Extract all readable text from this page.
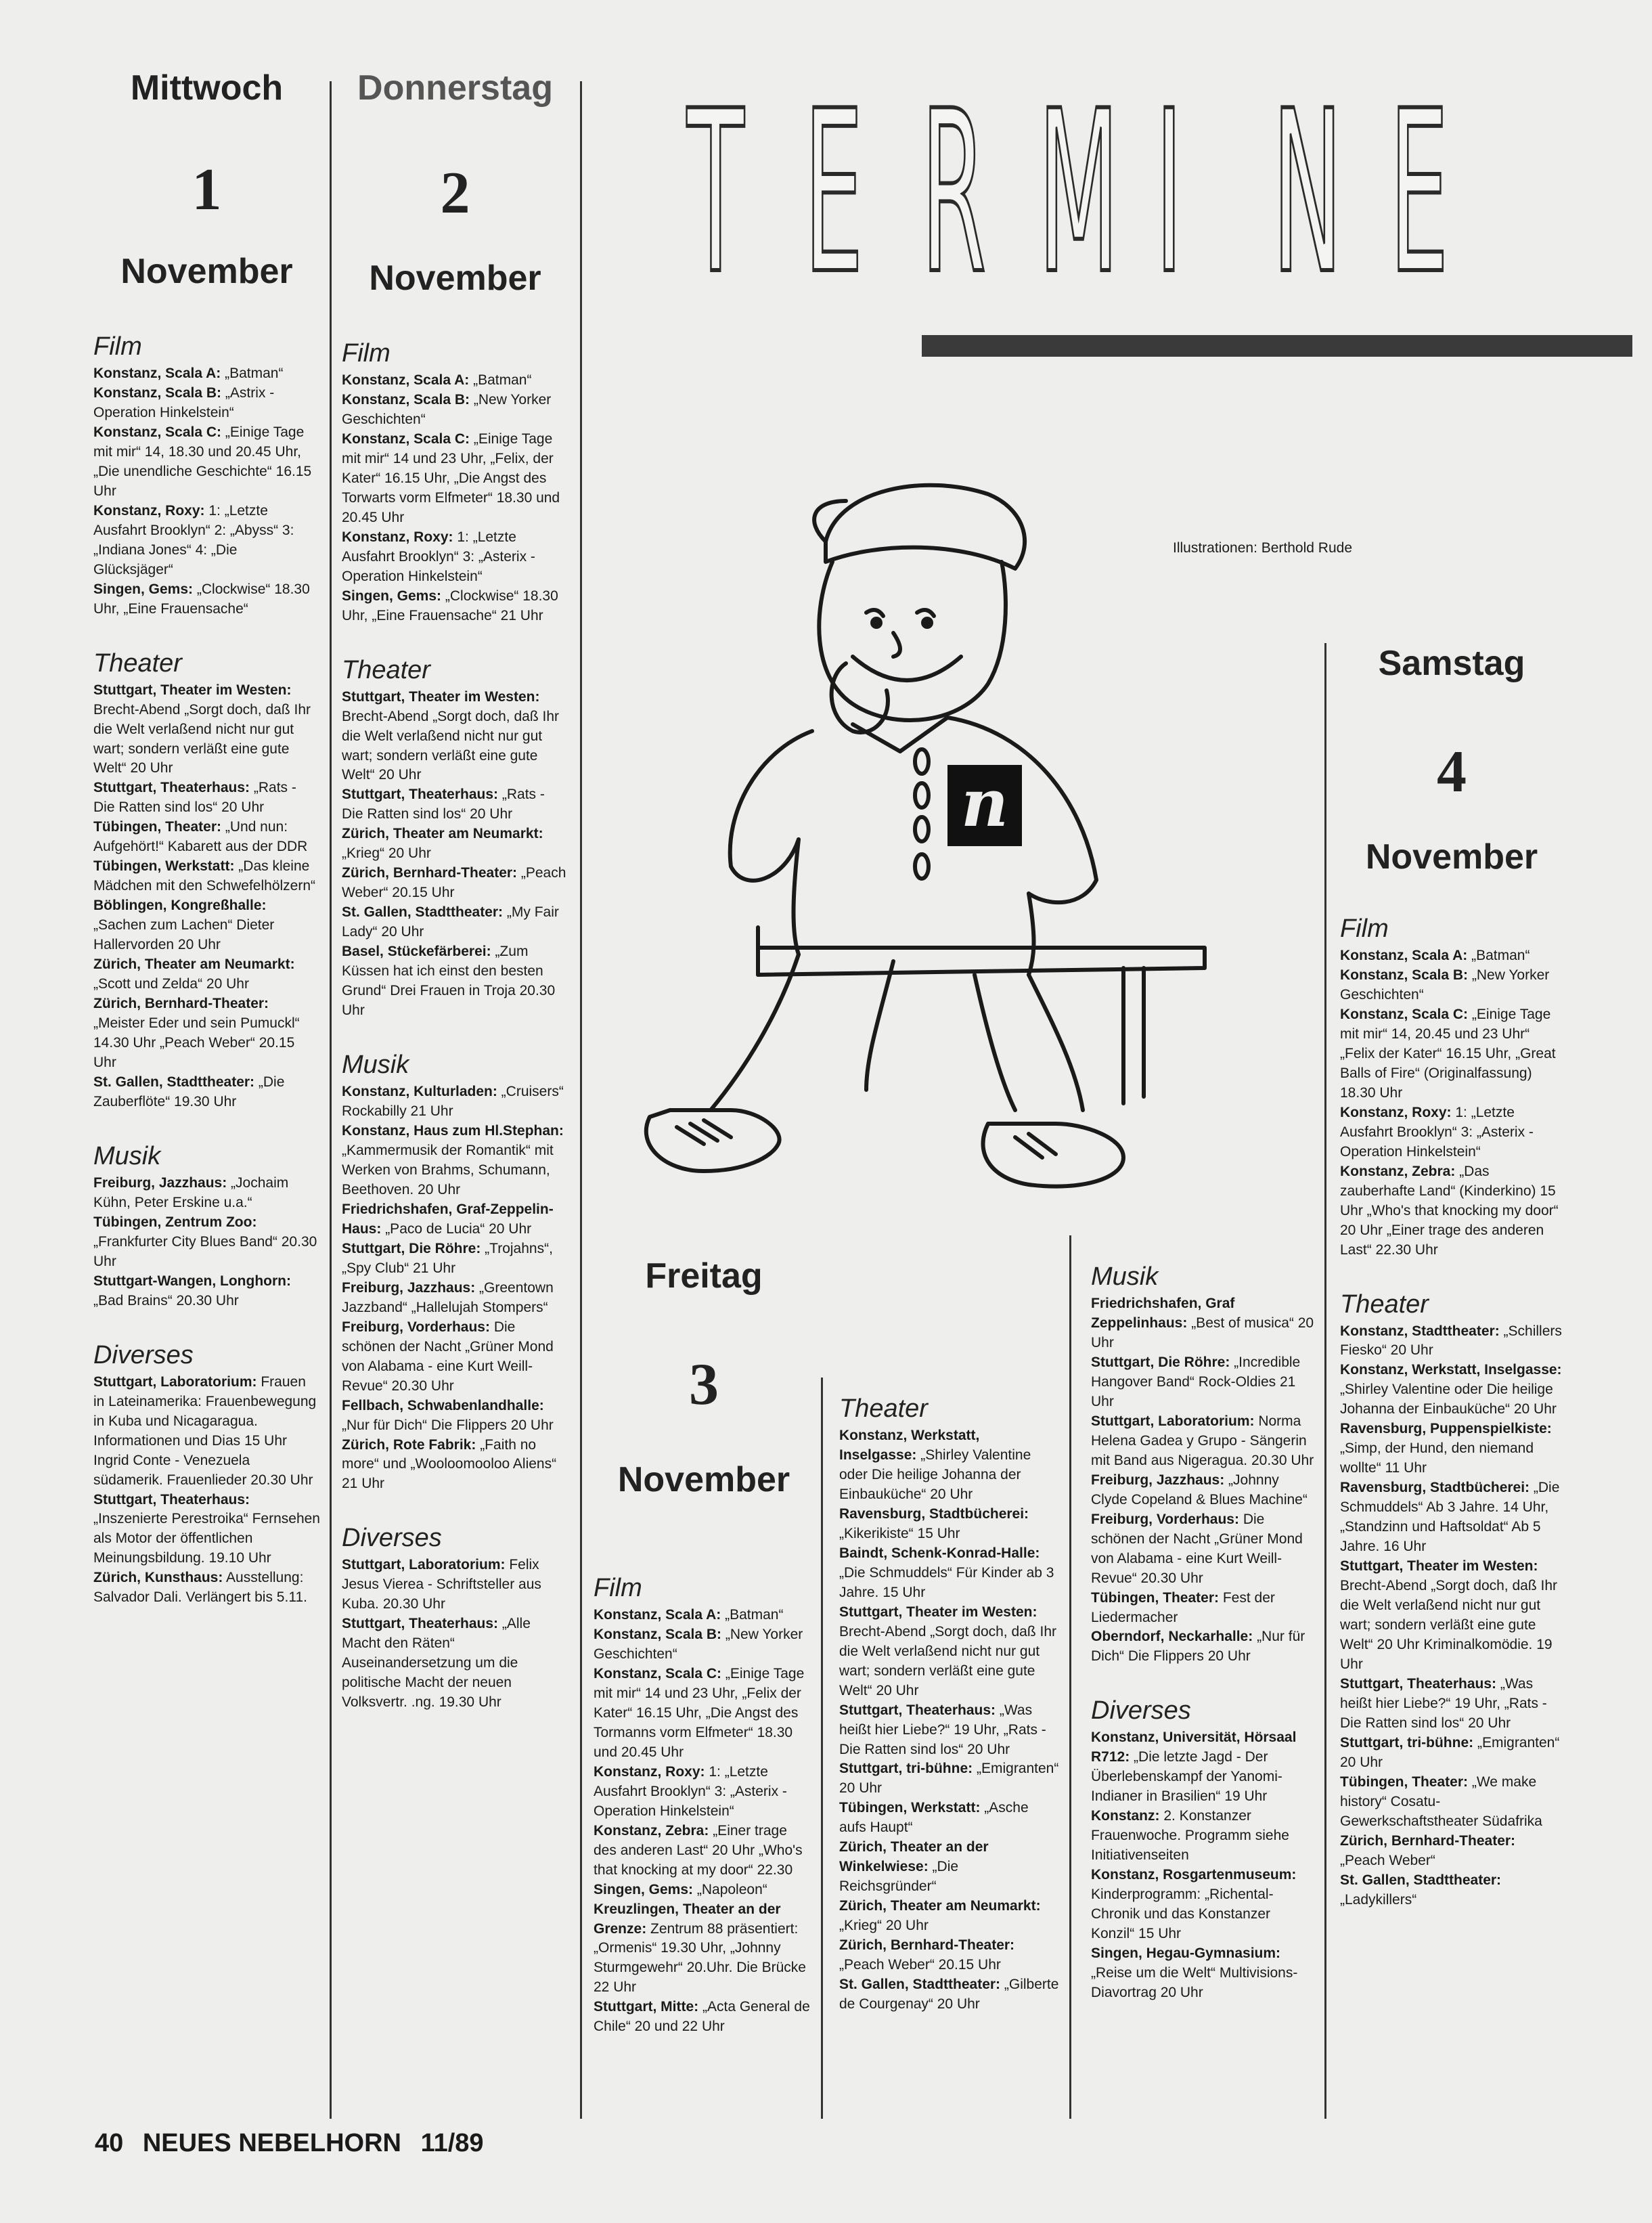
T E R M I N E
Illustrationen: Berthold Rude
n
Mittwoch
1
November
Film

Konstanz, Scala A: „Batman“

Konstanz, Scala B: „Astrix - Operation Hinkelstein“

Konstanz, Scala C: „Einige Tage mit mir“ 14, 18.30 und 20.45 Uhr, „Die unendliche Geschichte“ 16.15 Uhr

Konstanz, Roxy: 1: „Letzte Ausfahrt Brooklyn“ 2: „Abyss“ 3: „Indiana Jones“ 4: „Die Glücksjäger“

Singen, Gems: „Clockwise“ 18.30 Uhr, „Eine Frauensache“

Theater

Stuttgart, Theater im Westen: Brecht-Abend „Sorgt doch, daß Ihr die Welt verlaßend nicht nur gut wart; sondern verläßt eine gute Welt“ 20 Uhr

Stuttgart, Theaterhaus: „Rats - Die Ratten sind los“ 20 Uhr

Tübingen, Theater: „Und nun: Aufgehört!“ Kabarett aus der DDR

Tübingen, Werkstatt: „Das kleine Mädchen mit den Schwefelhölzern“

Böblingen, Kongreßhalle: „Sachen zum Lachen“ Dieter Hallervorden 20 Uhr

Zürich, Theater am Neumarkt: „Scott und Zelda“ 20 Uhr

Zürich, Bernhard-Theater: „Meister Eder und sein Pumuckl“ 14.30 Uhr „Peach Weber“ 20.15 Uhr

St. Gallen, Stadttheater: „Die Zauberflöte“ 19.30 Uhr

Musik

Freiburg, Jazzhaus: „Jochaim Kühn, Peter Erskine u.a.“

Tübingen, Zentrum Zoo: „Frankfurter City Blues Band“ 20.30 Uhr

Stuttgart-Wangen, Longhorn: „Bad Brains“ 20.30 Uhr

Diverses

Stuttgart, Laboratorium: Frauen in Lateinamerika: Frauenbewegung in Kuba und Nicagaragua. Informationen und Dias 15 Uhr Ingrid Conte - Venezuela südamerik. Frauenlieder 20.30 Uhr

Stuttgart, Theaterhaus: „Inszenierte Perestroika“ Fernsehen als Motor der öffentlichen Meinungsbildung. 19.10 Uhr

Zürich, Kunsthaus: Ausstellung: Salvador Dali. Verlängert bis 5.11.

Donnerstag
2
November
Film

Konstanz, Scala A: „Batman“

Konstanz, Scala B: „New Yorker Geschichten“

Konstanz, Scala C: „Einige Tage mit mir“ 14 und 23 Uhr, „Felix, der Kater“ 16.15 Uhr, „Die Angst des Torwarts vorm Elfmeter“ 18.30 und 20.45 Uhr

Konstanz, Roxy: 1: „Letzte Ausfahrt Brooklyn“ 3: „Asterix - Operation Hinkelstein“

Singen, Gems: „Clockwise“ 18.30 Uhr, „Eine Frauensache“ 21 Uhr

Theater

Stuttgart, Theater im Westen: Brecht-Abend „Sorgt doch, daß Ihr die Welt verlaßend nicht nur gut wart; sondern verläßt eine gute Welt“ 20 Uhr

Stuttgart, Theaterhaus: „Rats - Die Ratten sind los“ 20 Uhr

Zürich, Theater am Neumarkt: „Krieg“ 20 Uhr

Zürich, Bernhard-Theater: „Peach Weber“ 20.15 Uhr

St. Gallen, Stadttheater: „My Fair Lady“ 20 Uhr

Basel, Stückefärberei: „Zum Küssen hat ich einst den besten Grund“ Drei Frauen in Troja 20.30 Uhr

Musik

Konstanz, Kulturladen: „Cruisers“ Rockabilly 21 Uhr

Konstanz, Haus zum Hl.Stephan: „Kammermusik der Romantik“ mit Werken von Brahms, Schumann, Beethoven. 20 Uhr

Friedrichshafen, Graf-Zeppelin-Haus: „Paco de Lucia“ 20 Uhr

Stuttgart, Die Röhre: „Trojahns“, „Spy Club“ 21 Uhr

Freiburg, Jazzhaus: „Greentown Jazzband“ „Hallelujah Stompers“

Freiburg, Vorderhaus: Die schönen der Nacht „Grüner Mond von Alabama - eine Kurt Weill-Revue“ 20.30 Uhr

Fellbach, Schwabenlandhalle: „Nur für Dich“ Die Flippers 20 Uhr

Zürich, Rote Fabrik: „Faith no more“ und „Wooloomooloo Aliens“ 21 Uhr

Diverses

Stuttgart, Laboratorium: Felix Jesus Vierea - Schriftsteller aus Kuba. 20.30 Uhr

Stuttgart, Theaterhaus: „Alle Macht den Räten“ Auseinandersetzung um die politische Macht der neuen Volksvertr. .ng. 19.30 Uhr

Freitag
3
November
Film

Konstanz, Scala A: „Batman“

Konstanz, Scala B: „New Yorker Geschichten“

Konstanz, Scala C: „Einige Tage mit mir“ 14 und 23 Uhr, „Felix der Kater“ 16.15 Uhr, „Die Angst des Tormanns vorm Elfmeter“ 18.30 und 20.45 Uhr

Konstanz, Roxy: 1: „Letzte Ausfahrt Brooklyn“ 3: „Asterix - Operation Hinkelstein“

Konstanz, Zebra: „Einer trage des anderen Last“ 20 Uhr „Who's that knocking at my door“ 22.30

Singen, Gems: „Napoleon“

Kreuzlingen, Theater an der Grenze: Zentrum 88 präsentiert: „Ormenis“ 19.30 Uhr, „Johnny Sturmgewehr“ 20.Uhr. Die Brücke 22 Uhr

Stuttgart, Mitte: „Acta General de Chile“ 20 und 22 Uhr

Theater

Konstanz, Werkstatt, Inselgasse: „Shirley Valentine oder Die heilige Johanna der Einbauküche“ 20 Uhr

Ravensburg, Stadtbücherei: „Kikerikiste“ 15 Uhr

Baindt, Schenk-Konrad-Halle: „Die Schmuddels“ Für Kinder ab 3 Jahre. 15 Uhr

Stuttgart, Theater im Westen: Brecht-Abend „Sorgt doch, daß Ihr die Welt verlaßend nicht nur gut wart; sondern verläßt eine gute Welt“ 20 Uhr

Stuttgart, Theaterhaus: „Was heißt hier Liebe?“ 19 Uhr, „Rats - Die Ratten sind los“ 20 Uhr

Stuttgart, tri-bühne: „Emigranten“ 20 Uhr

Tübingen, Werkstatt: „Asche aufs Haupt“

Zürich, Theater an der Winkelwiese: „Die Reichsgründer“

Zürich, Theater am Neumarkt: „Krieg“ 20 Uhr

Zürich, Bernhard-Theater: „Peach Weber“ 20.15 Uhr

St. Gallen, Stadttheater: „Gilberte de Courgenay“ 20 Uhr

Musik

Friedrichshafen, Graf Zeppelinhaus: „Best of musica“ 20 Uhr

Stuttgart, Die Röhre: „Incredible Hangover Band“ Rock-Oldies 21 Uhr

Stuttgart, Laboratorium: Norma Helena Gadea y Grupo - Sängerin mit Band aus Nigeragua. 20.30 Uhr

Freiburg, Jazzhaus: „Johnny Clyde Copeland & Blues Machine“

Freiburg, Vorderhaus: Die schönen der Nacht „Grüner Mond von Alabama - eine Kurt Weill-Revue“ 20.30 Uhr

Tübingen, Theater: Fest der Liedermacher

Oberndorf, Neckarhalle: „Nur für Dich“ Die Flippers 20 Uhr

Diverses

Konstanz, Universität, Hörsaal R712: „Die letzte Jagd - Der Überlebenskampf der Yanomi-Indianer in Brasilien“ 19 Uhr

Konstanz: 2. Konstanzer Frauenwoche. Programm siehe Initiativenseiten

Konstanz, Rosgartenmuseum: Kinderprogramm: „Richental-Chronik und das Konstanzer Konzil“ 15 Uhr

Singen, Hegau-Gymnasium: „Reise um die Welt“ Multivisions-Diavortrag 20 Uhr

Samstag
4
November
Film

Konstanz, Scala A: „Batman“

Konstanz, Scala B: „New Yorker Geschichten“

Konstanz, Scala C: „Einige Tage mit mir“ 14, 20.45 und 23 Uhr“ „Felix der Kater“ 16.15 Uhr, „Great Balls of Fire“ (Originalfassung) 18.30 Uhr

Konstanz, Roxy: 1: „Letzte Ausfahrt Brooklyn“ 3: „Asterix - Operation Hinkelstein“

Konstanz, Zebra: „Das zauberhafte Land“ (Kinderkino) 15 Uhr „Who's that knocking my door“ 20 Uhr „Einer trage des anderen Last“ 22.30 Uhr

Theater

Konstanz, Stadttheater: „Schillers Fiesko“ 20 Uhr

Konstanz, Werkstatt, Inselgasse: „Shirley Valentine oder Die heilige Johanna der Einbauküche“ 20 Uhr

Ravensburg, Puppenspielkiste: „Simp, der Hund, den niemand wollte“ 11 Uhr

Ravensburg, Stadtbücherei: „Die Schmuddels“ Ab 3 Jahre. 14 Uhr, „Standzinn und Haftsoldat“ Ab 5 Jahre. 16 Uhr

Stuttgart, Theater im Westen: Brecht-Abend „Sorgt doch, daß Ihr die Welt verlaßend nicht nur gut wart; sondern verläßt eine gute Welt“ 20 Uhr Kriminalkomödie. 19 Uhr

Stuttgart, Theaterhaus: „Was heißt hier Liebe?“ 19 Uhr, „Rats - Die Ratten sind los“ 20 Uhr

Stuttgart, tri-bühne: „Emigranten“ 20 Uhr

Tübingen, Theater: „We make history“ Cosatu-Gewerkschaftstheater Südafrika

Zürich, Bernhard-Theater: „Peach Weber“

St. Gallen, Stadttheater: „Ladykillers“

40 NEUES NEBELHORN 11/89
